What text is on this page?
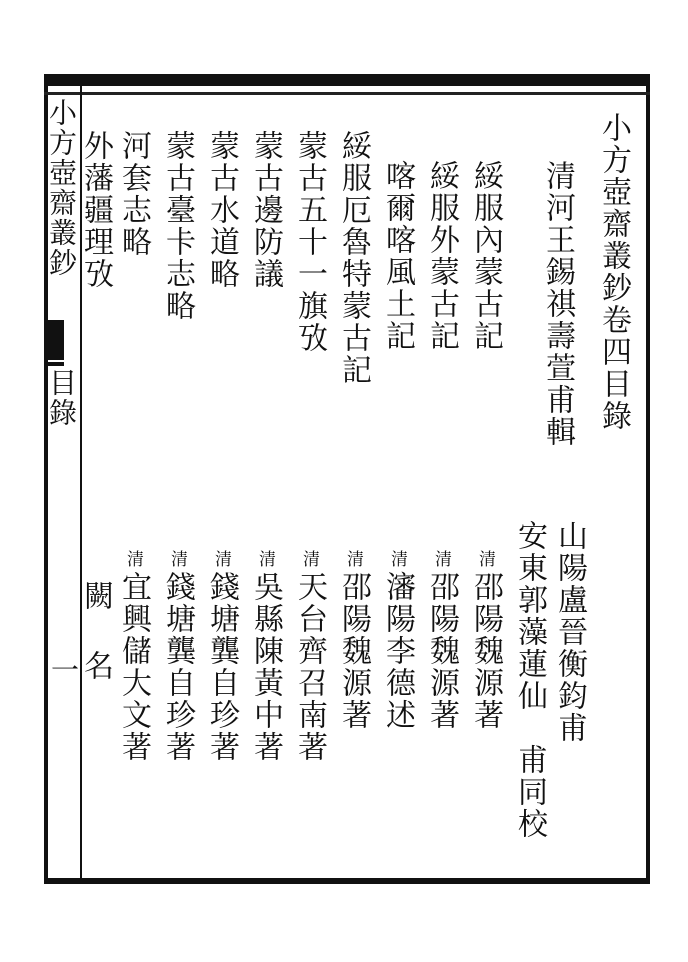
小方壺齋叢鈔
目錄
一
小方壺齋叢鈔卷四目錄
清河王錫祺壽萱甫輯
山陽盧晉衡鈞甫
安東郭藻蓮仙甫同校
綏服內蒙古記
綏服外蒙古記
喀爾喀風土記
綏服厄魯特蒙古記
蒙古五十一旗攷
蒙古邊防議
蒙古水道略
蒙古臺卡志略
河套志略
外藩疆理攷
清邵陽魏源著
清邵陽魏源著
清瀋陽李德述
清邵陽魏源著
清天台齊召南著
清吳縣陳黃中著
清錢塘龔自珍著
清錢塘龔自珍著
清宜興儲大文著
闕名
